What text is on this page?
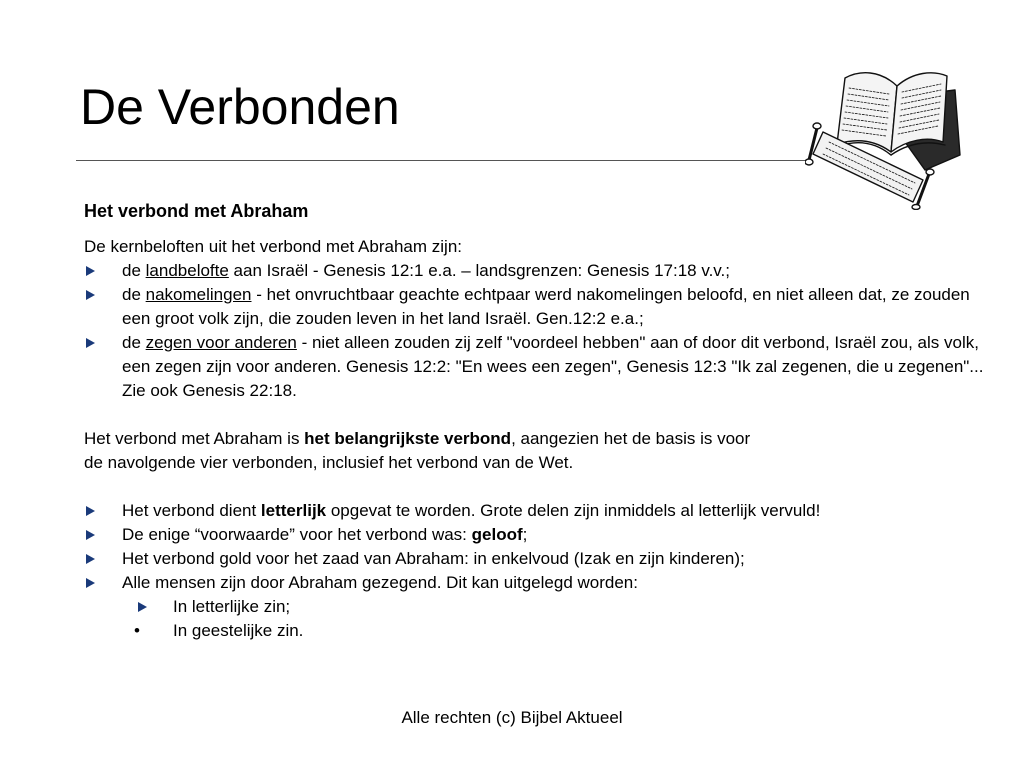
De Verbonden
Het verbond met Abraham

De kernbeloften uit het verbond met Abraham zijn:

de landbelofte aan Israël - Genesis 12:1 e.a. – landsgrenzen: Genesis 17:18 v.v.;
de nakomelingen - het onvruchtbaar geachte echtpaar werd nakomelingen beloofd, en niet alleen dat, ze zouden een groot volk zijn, die zouden leven in het land Israël. Gen.12:2 e.a.;
de zegen voor anderen - niet alleen zouden zij zelf "voordeel hebben" aan of door dit verbond, Israël zou, als volk, een zegen zijn voor anderen. Genesis 12:2: "En wees een zegen", Genesis 12:3 "Ik zal zegenen, die u zegenen"... Zie ook Genesis 22:18.

Het verbond met Abraham is het belangrijkste verbond, aangezien het de basis is voor
de navolgende vier verbonden, inclusief het verbond van de Wet.

Het verbond dient letterlijk opgevat te worden. Grote delen zijn inmiddels al letterlijk vervuld!
De enige “voorwaarde” voor het verbond was: geloof;
Het verbond gold voor het zaad van Abraham: in enkelvoud (Izak en zijn kinderen);
Alle mensen zijn door Abraham gezegend. Dit kan uitgelegd worden:
In letterlijke zin;
• In geestelijke zin.
Alle rechten (c) Bijbel Aktueel
